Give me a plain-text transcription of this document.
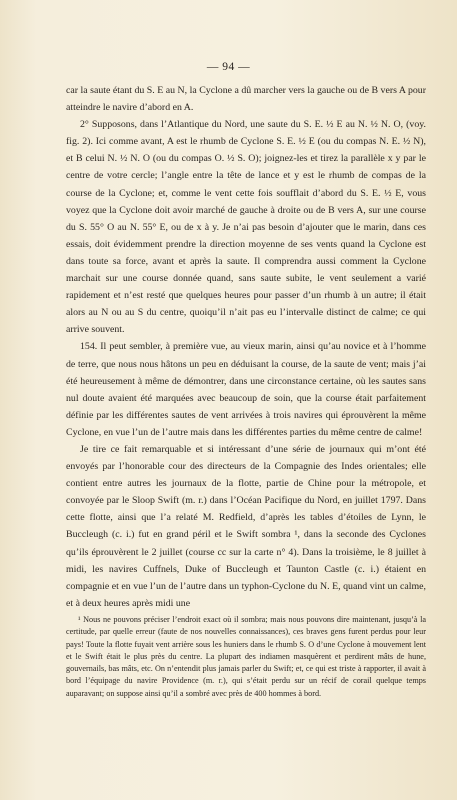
— 94 —

car la saute étant du S. E au N, la Cyclone a dû marcher vers la gauche ou de B vers A pour atteindre le navire d’abord en A.

2° Supposons, dans l’Atlantique du Nord, une saute du S. E. ½ E au N. ½ N. O, (voy. fig. 2). Ici comme avant, A est le rhumb de Cyclone S. E. ½ E (ou du compas N. E. ½ N), et B celui N. ½ N. O (ou du compas O. ½ S. O); joignez-les et tirez la parallèle x y par le centre de votre cercle; l’angle entre la tête de lance et y est le rhumb de compas de la course de la Cyclone; et, comme le vent cette fois soufflait d’abord du S. E. ½ E, vous voyez que la Cyclone doit avoir marché de gauche à droite ou de B vers A, sur une course du S. 55° O au N. 55° E, ou de x à y. Je n’ai pas besoin d’ajouter que le marin, dans ces essais, doit évidemment prendre la direction moyenne de ses vents quand la Cyclone est dans toute sa force, avant et après la saute. Il comprendra aussi comment la Cyclone marchait sur une course donnée quand, sans saute subite, le vent seulement a varié rapidement et n’est resté que quelques heures pour passer d’un rhumb à un autre; il était alors au N ou au S du centre, quoiqu’il n’ait pas eu l’intervalle distinct de calme; ce qui arrive souvent.

154. Il peut sembler, à première vue, au vieux marin, ainsi qu’au novice et à l’homme de terre, que nous nous hâtons un peu en déduisant la course, de la saute de vent; mais j’ai été heureusement à même de démontrer, dans une circonstance certaine, où les sautes sans nul doute avaient été marquées avec beaucoup de soin, que la course était parfaitement définie par les différentes sautes de vent arrivées à trois navires qui éprouvèrent la même Cyclone, en vue l’un de l’autre mais dans les différentes parties du même centre de calme!

Je tire ce fait remarquable et si intéressant d’une série de journaux qui m’ont été envoyés par l’honorable cour des directeurs de la Compagnie des Indes orientales; elle contient entre autres les journaux de la flotte, partie de Chine pour la métropole, et convoyée par le Sloop Swift (m. r.) dans l’Océan Pacifique du Nord, en juillet 1797. Dans cette flotte, ainsi que l’a relaté M. Redfield, d’après les tables d’étoiles de Lynn, le Buccleugh (c. i.) fut en grand péril et le Swift sombra ¹, dans la seconde des Cyclones qu’ils éprouvèrent le 2 juillet (course cc sur la carte n° 4). Dans la troisième, le 8 juillet à midi, les navires Cuffnels, Duke of Buccleugh et Taunton Castle (c. i.) étaient en compagnie et en vue l’un de l’autre dans un typhon-Cyclone du N. E, quand vint un calme, et à deux heures après midi une

¹ Nous ne pouvons préciser l’endroit exact où il sombra; mais nous pouvons dire maintenant, jusqu’à la certitude, par quelle erreur (faute de nos nouvelles connaissances), ces braves gens furent perdus pour leur pays! Toute la flotte fuyait vent arrière sous les huniers dans le rhumb S. O d’une Cyclone à mouvement lent et le Swift était le plus près du centre. La plupart des indiamen masquèrent et perdirent mâts de hune, gouvernails, bas mâts, etc. On n’entendit plus jamais parler du Swift; et, ce qui est triste à rapporter, il avait à bord l’équipage du navire Providence (m. r.), qui s’était perdu sur un récif de corail quelque temps auparavant; on suppose ainsi qu’il a sombré avec près de 400 hommes à bord.
